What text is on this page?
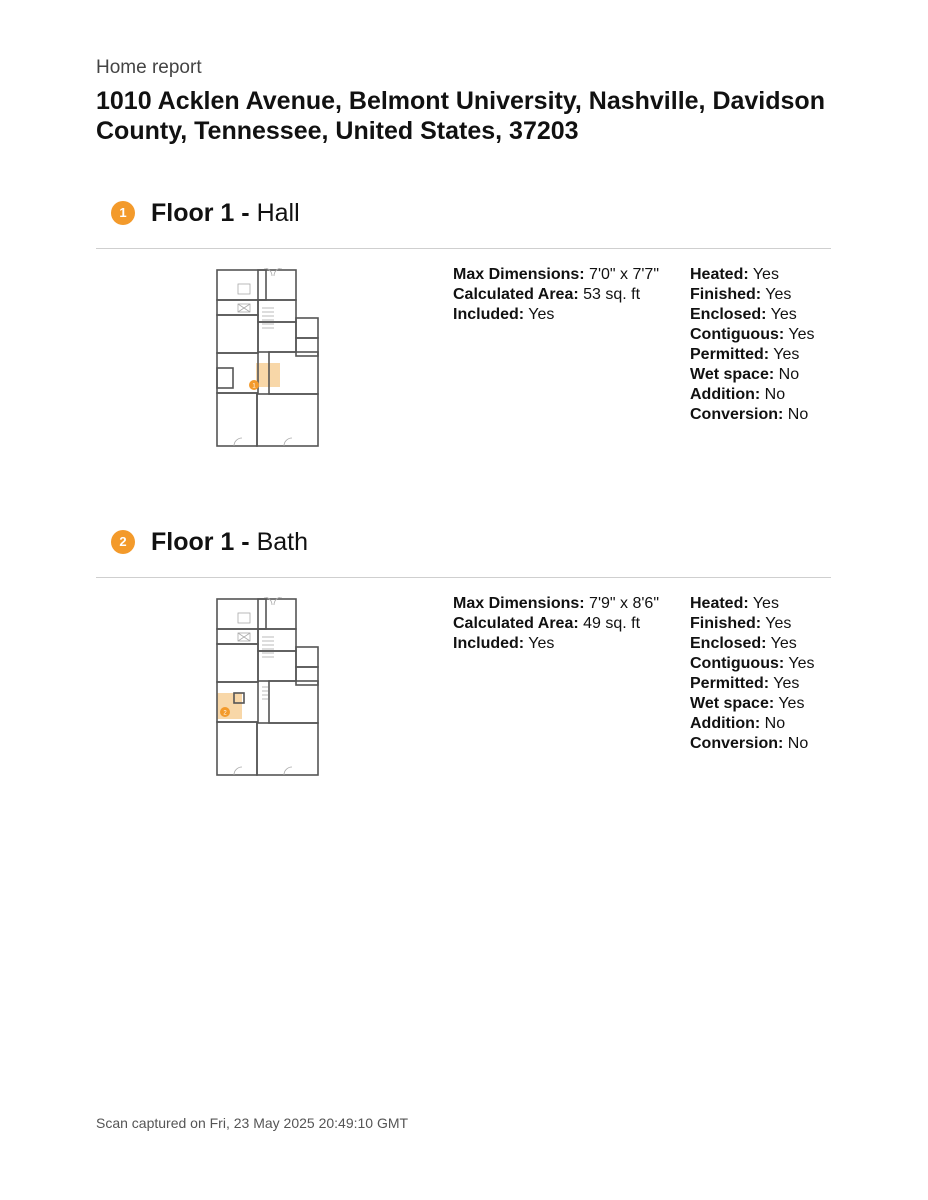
Home report
1010 Acklen Avenue, Belmont University, Nashville, Davidson County, Tennessee, United States, 37203
1 Floor 1 - Hall
1
Max Dimensions: 7'0" x 7'7"
Calculated Area: 53 sq. ft
Included: Yes
Heated: Yes
Finished: Yes
Enclosed: Yes
Contiguous: Yes
Permitted: Yes
Wet space: No
Addition: No
Conversion: No
2 Floor 1 - Bath
2
Max Dimensions: 7'9" x 8'6"
Calculated Area: 49 sq. ft
Included: Yes
Heated: Yes
Finished: Yes
Enclosed: Yes
Contiguous: Yes
Permitted: Yes
Wet space: Yes
Addition: No
Conversion: No
Scan captured on Fri, 23 May 2025 20:49:10 GMT
